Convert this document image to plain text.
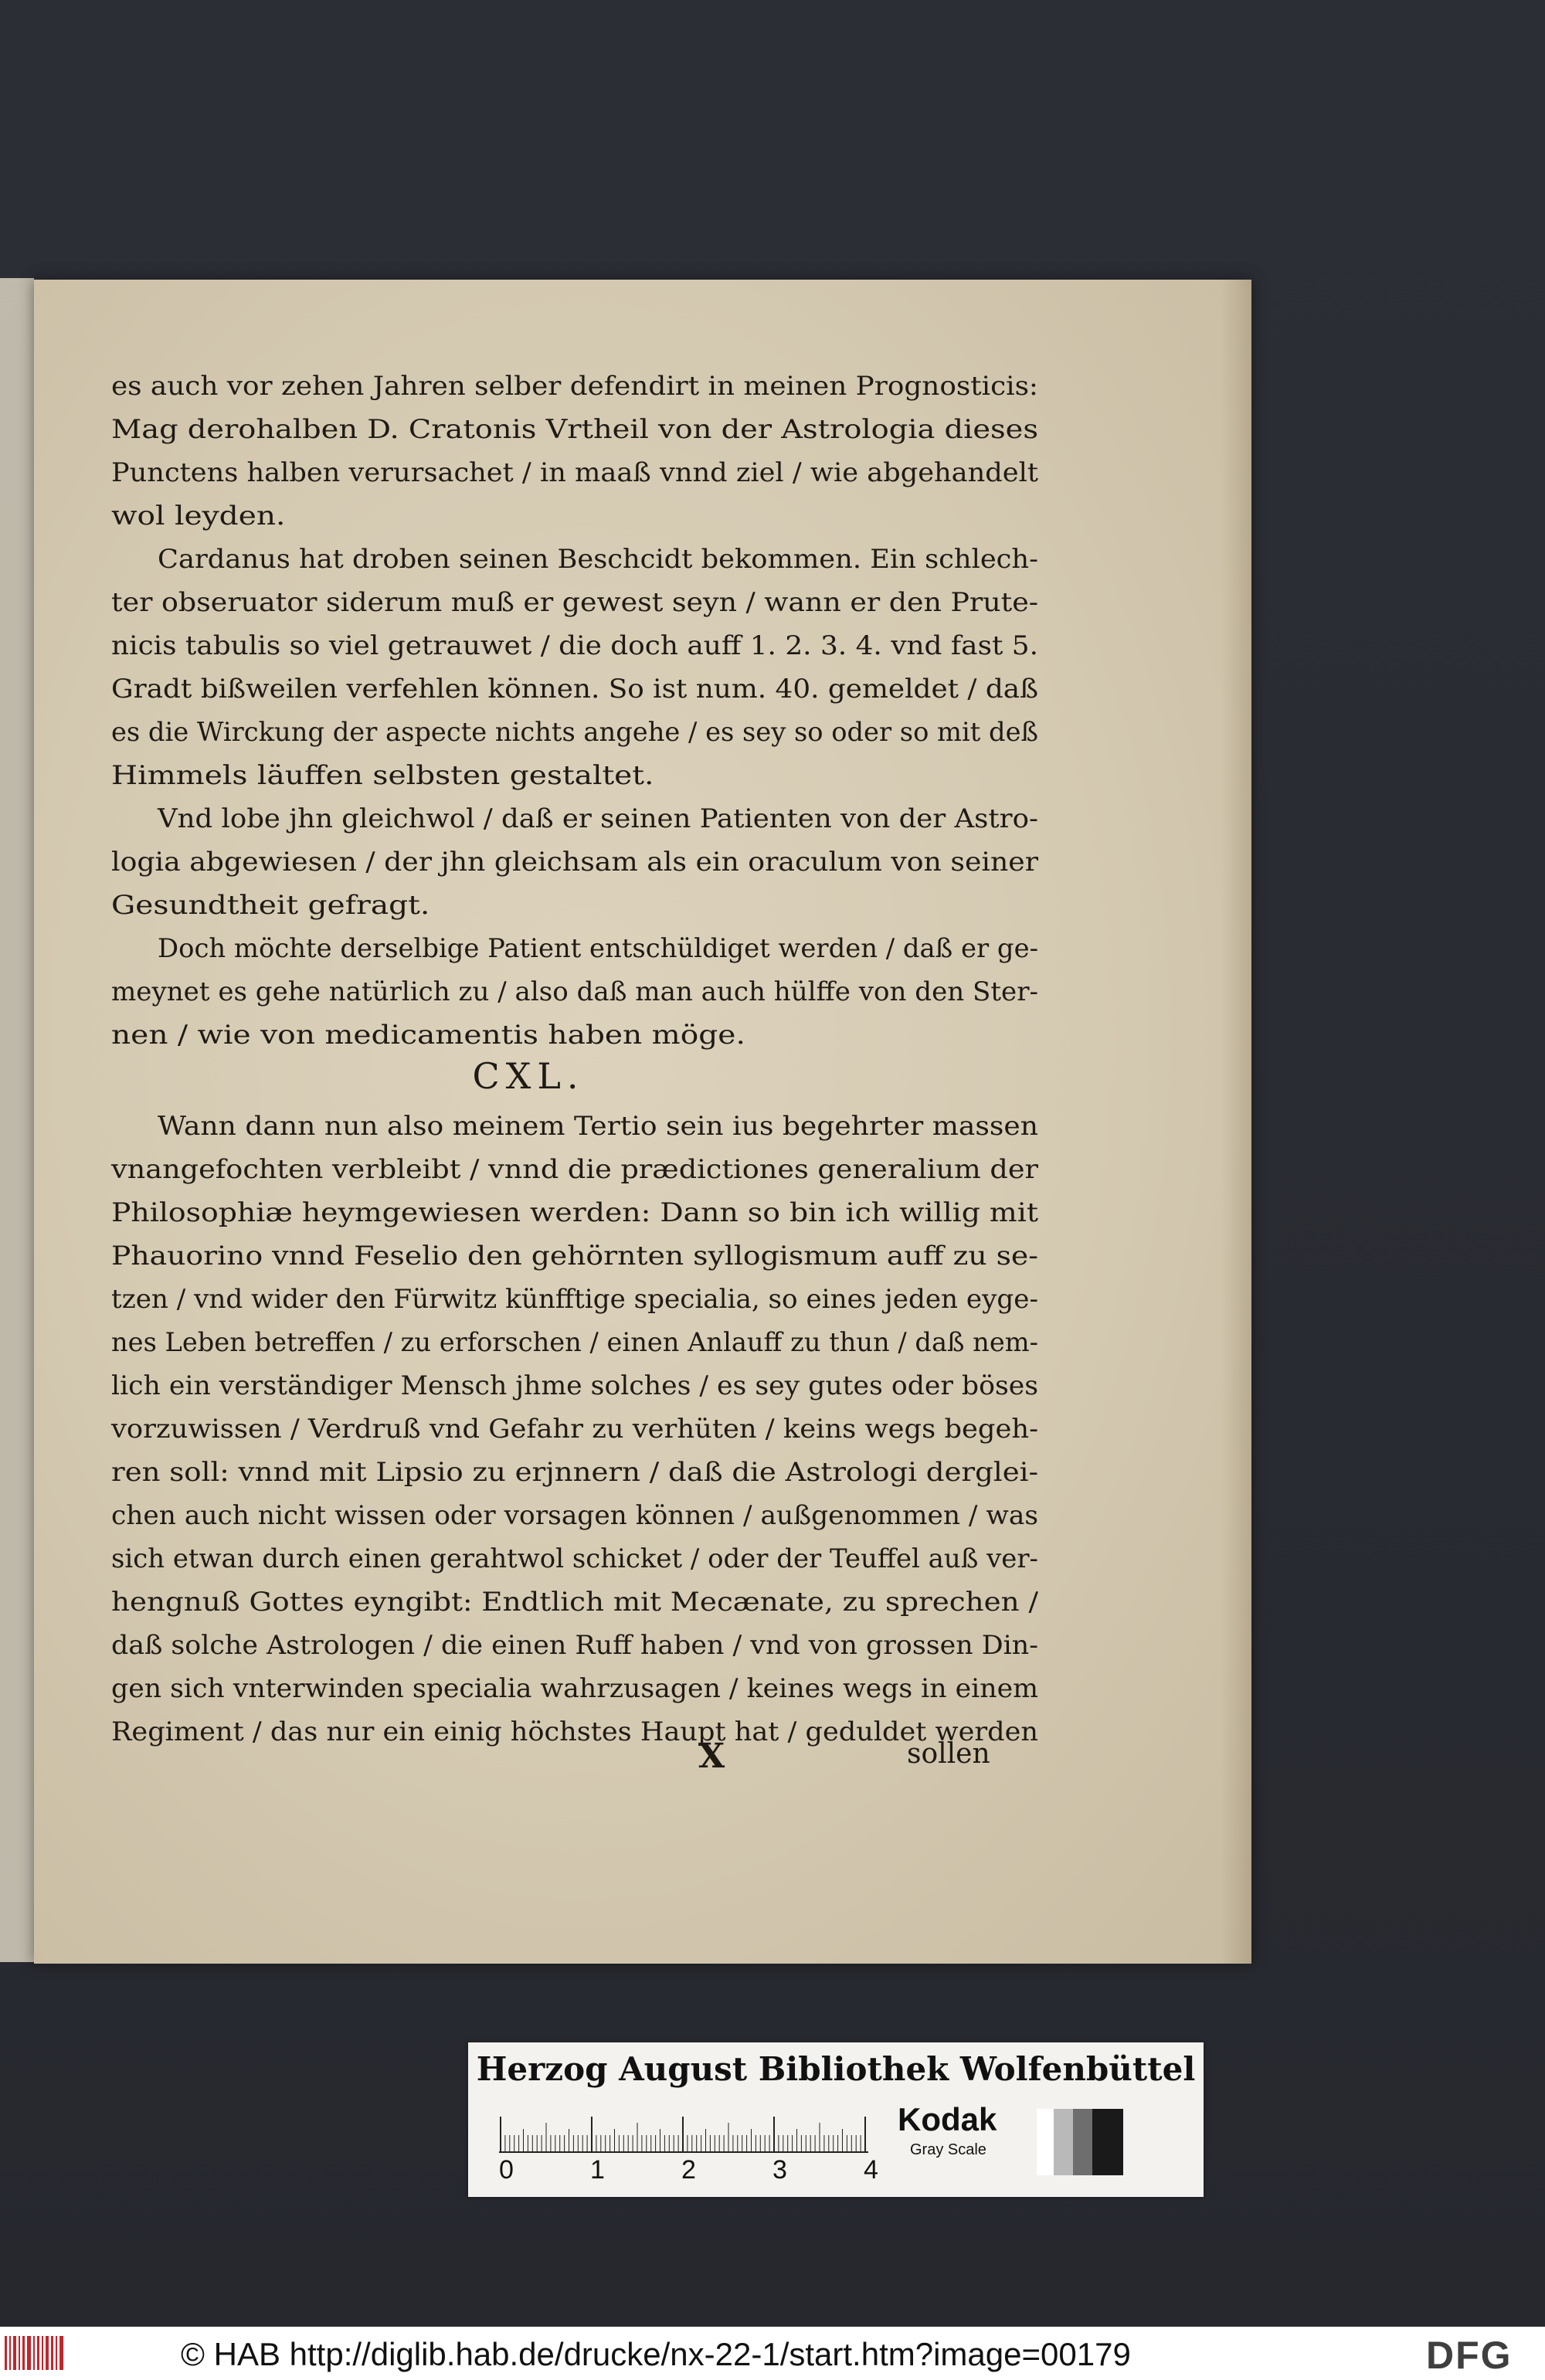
es auch vor zehen Jahren selber defendirt in meinen Prognosticis:
Mag derohalben D. Cratonis Vrtheil von der Astrologia dieses
Punctens halben verursachet / in maaß vnnd ziel / wie abgehandelt
wol leyden.
Cardanus hat droben seinen Beschcidt bekommen. Ein schlech-
ter obseruator siderum muß er gewest seyn / wann er den Prute-
nicis tabulis so viel getrauwet / die doch auff 1. 2. 3. 4. vnd fast 5.
Gradt bißweilen verfehlen können. So ist num. 40. gemeldet / daß
es die Wirckung der aspecte nichts angehe / es sey so oder so mit deß
Himmels läuffen selbsten gestaltet.
Vnd lobe jhn gleichwol / daß er seinen Patienten von der Astro-
logia abgewiesen / der jhn gleichsam als ein oraculum von seiner
Gesundtheit gefragt.
Doch möchte derselbige Patient entschüldiget werden / daß er ge-
meynet es gehe natürlich zu / also daß man auch hülffe von den Ster-
nen / wie von medicamentis haben möge.
CXL.
Wann dann nun also meinem Tertio sein ius begehrter massen
vnangefochten verbleibt / vnnd die prædictiones generalium der
Philosophiæ heymgewiesen werden: Dann so bin ich willig mit
Phauorino vnnd Feselio den gehörnten syllogismum auff zu se-
tzen / vnd wider den Fürwitz künfftige specialia, so eines jeden eyge-
nes Leben betreffen / zu erforschen / einen Anlauff zu thun / daß nem-
lich ein verständiger Mensch jhme solches / es sey gutes oder böses
vorzuwissen / Verdruß vnd Gefahr zu verhüten / keins wegs begeh-
ren soll: vnnd mit Lipsio zu erjnnern / daß die Astrologi derglei-
chen auch nicht wissen oder vorsagen können / außgenommen / was
sich etwan durch einen gerahtwol schicket / oder der Teuffel auß ver-
hengnuß Gottes eyngibt: Endtlich mit Mecænate, zu sprechen /
daß solche Astrologen / die einen Ruff haben / vnd von grossen Din-
gen sich vnterwinden specialia wahrzusagen / keines wegs in einem
Regiment / das nur ein einig höchstes Haupt hat / geduldet werden
X	sollen
Herzog August Bibliothek Wolfenbüttel
0	1	2	3	4
Kodak
Gray Scale
© HAB http://diglib.hab.de/drucke/nx-22-1/start.htm?image=00179	DFG
